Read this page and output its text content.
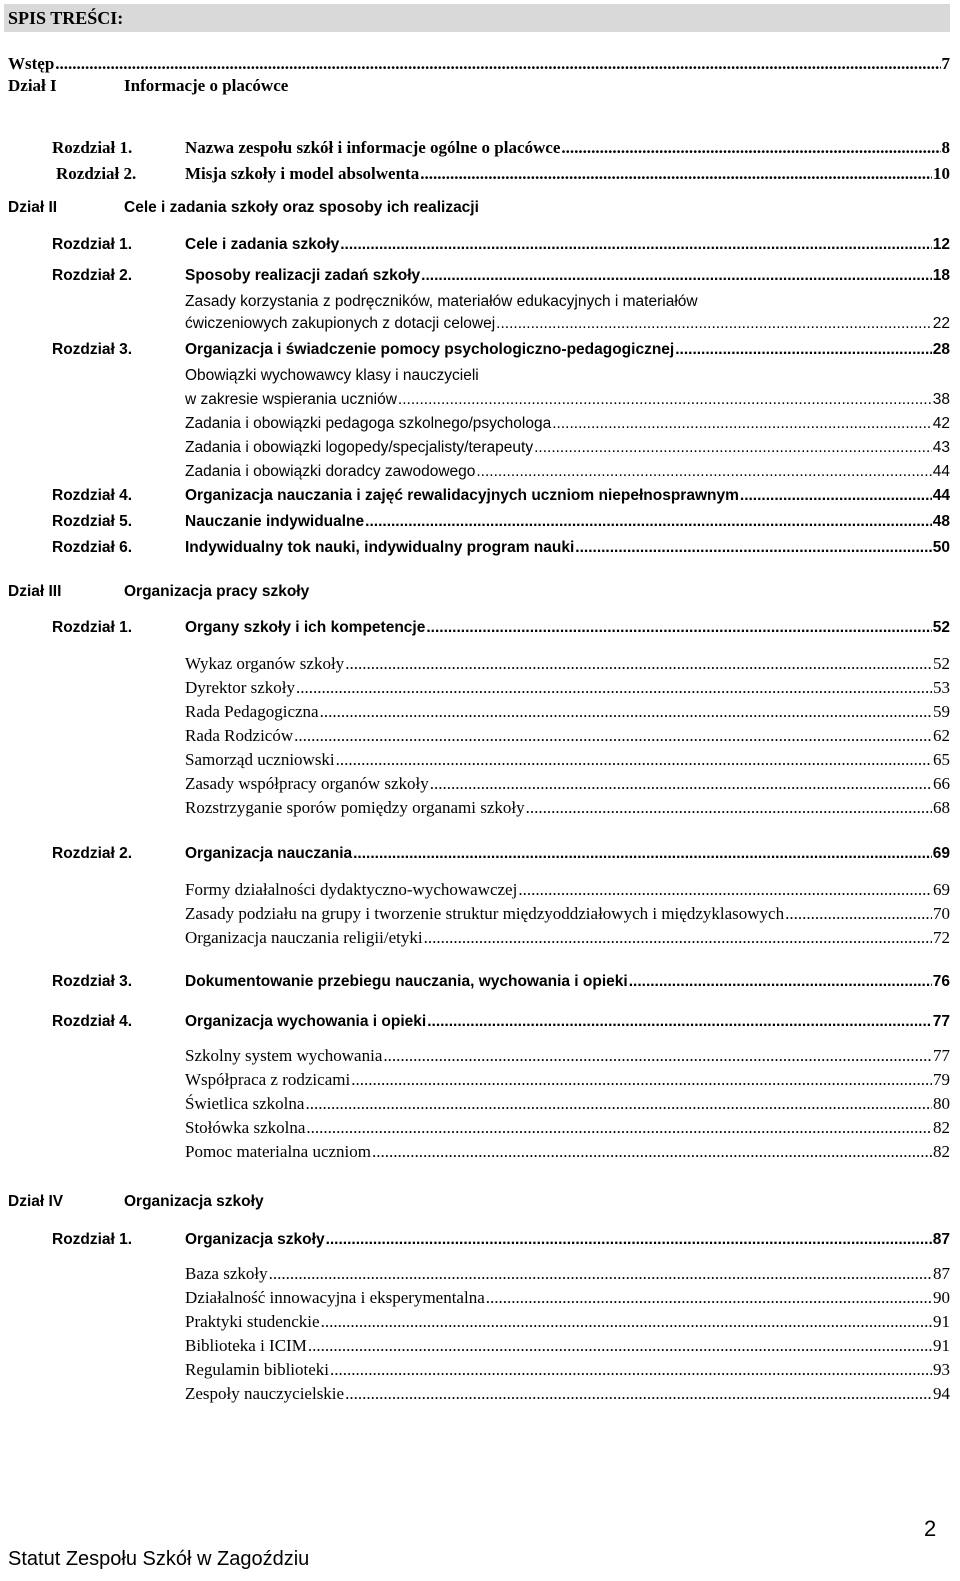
SPIS TREŚCI:
Wstęp .....	7
Dział I	Informacje o placówce
Rozdział 1.	Nazwa zespołu szkół i informacje ogólne o placówce .....	8
Rozdział 2.	Misja szkoły i model absolwenta .....	10
Dział II	Cele i zadania szkoły oraz sposoby ich realizacji
Rozdział 1.	Cele i zadania szkoły .....	12
Rozdział 2.	Sposoby realizacji zadań szkoły .....	18
Zasady korzystania z podręczników, materiałów edukacyjnych i materiałów
ćwiczeniowych zakupionych z dotacji celowej .....	22
Rozdział 3.	Organizacja i świadczenie pomocy psychologiczno-pedagogicznej .....	28
Obowiązki wychowawcy klasy i nauczycieli
w zakresie wspierania uczniów .....	38
Zadania i obowiązki pedagoga szkolnego/psychologa .....	42
Zadania i obowiązki logopedy/specjalisty/terapeuty .....	43
Zadania i obowiązki doradcy zawodowego .....	44
Rozdział 4.	Organizacja nauczania i zajęć rewalidacyjnych uczniom niepełnosprawnym .....	44
Rozdział 5.	Nauczanie indywidualne .....	48
Rozdział 6.	Indywidualny tok nauki, indywidualny program nauki .....	50
Dział III	Organizacja pracy szkoły
Rozdział 1.	Organy szkoły i ich kompetencje .....	52
Wykaz organów szkoły .....	52
Dyrektor szkoły .....	53
Rada Pedagogiczna .....	59
Rada Rodziców .....	62
Samorząd uczniowski .....	65
Zasady współpracy organów szkoły .....	66
Rozstrzyganie sporów pomiędzy organami szkoły .....	68
Rozdział 2.	Organizacja nauczania .....	69
Formy działalności dydaktyczno-wychowawczej .....	69
Zasady podziału na grupy i tworzenie struktur międzyoddziałowych i międzyklasowych .....	70
Organizacja nauczania religii/etyki .....	72
Rozdział 3.	Dokumentowanie przebiegu nauczania, wychowania i opieki .....	76
Rozdział 4.	Organizacja wychowania i opieki .....	77
Szkolny system wychowania .....	77
Współpraca z rodzicami .....	79
Świetlica szkolna .....	80
Stołówka szkolna .....	82
Pomoc materialna uczniom .....	82
Dział IV	Organizacja szkoły
Rozdział 1.	Organizacja szkoły .....	87
Baza szkoły .....	87
Działalność innowacyjna i eksperymentalna .....	90
Praktyki studenckie .....	91
Biblioteka i ICIM .....	91
Regulamin biblioteki .....	93
Zespoły nauczycielskie .....	94
2
Statut Zespołu Szkół w Zagoździu
